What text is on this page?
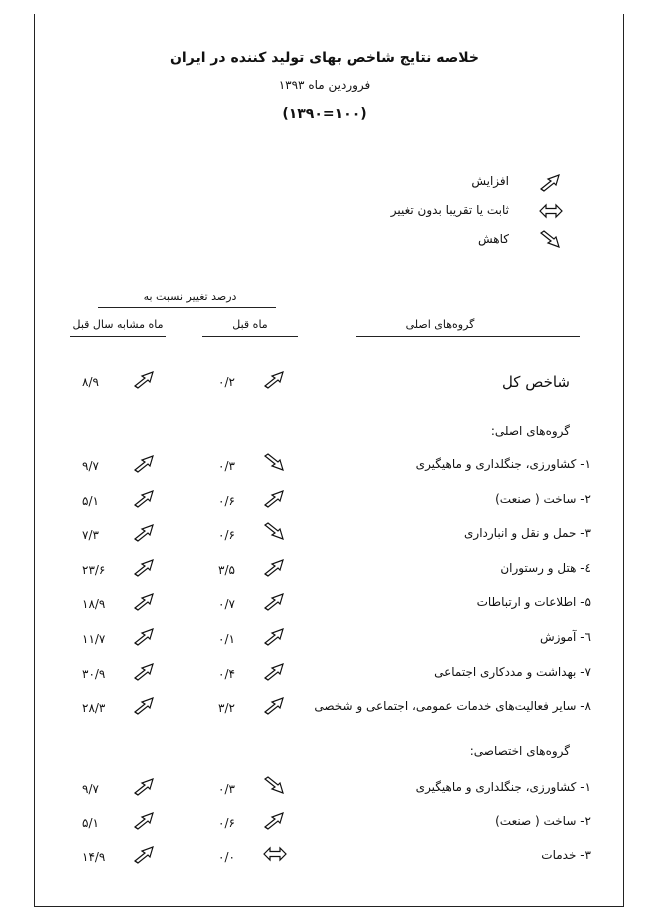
خلاصه نتایج شاخص بهای تولید کننده در ایران
فروردین ماه ۱۳۹۳
(۱۰۰=۱۳۹۰)
افزایش
ثابت یا تقریبا بدون تغییر
کاهش
درصد تغییر نسبت به
ماه مشابه سال قبل	ماه قبل	گروه‌های اصلی
۸/۹	۰/۲	شاخص کل
گروه‌های اصلی:
۹/۷	۰/۳	۱- کشاورزی، جنگلداری و ماهیگیری
۵/۱	۰/۶	۲- ساخت ( صنعت)
۷/۳	۰/۶	۳- حمل و نقل و انبارداری
۲۳/۶	۳/۵	٤- هتل و رستوران
۱۸/۹	۰/۷	۵- اطلاعات و ارتباطات
۱۱/۷	۰/۱	٦- آموزش
۳۰/۹	۰/۴	۷- بهداشت و مددکاری اجتماعی
۲۸/۳	۳/۲	۸- سایر فعالیت‌های خدمات عمومی، اجتماعی و شخصی
گروه‌های اختصاصی:
۹/۷	۰/۳	۱- کشاورزی، جنگلداری و ماهیگیری
۵/۱	۰/۶	۲- ساخت ( صنعت)
۱۴/۹	۰/۰	۳- خدمات
